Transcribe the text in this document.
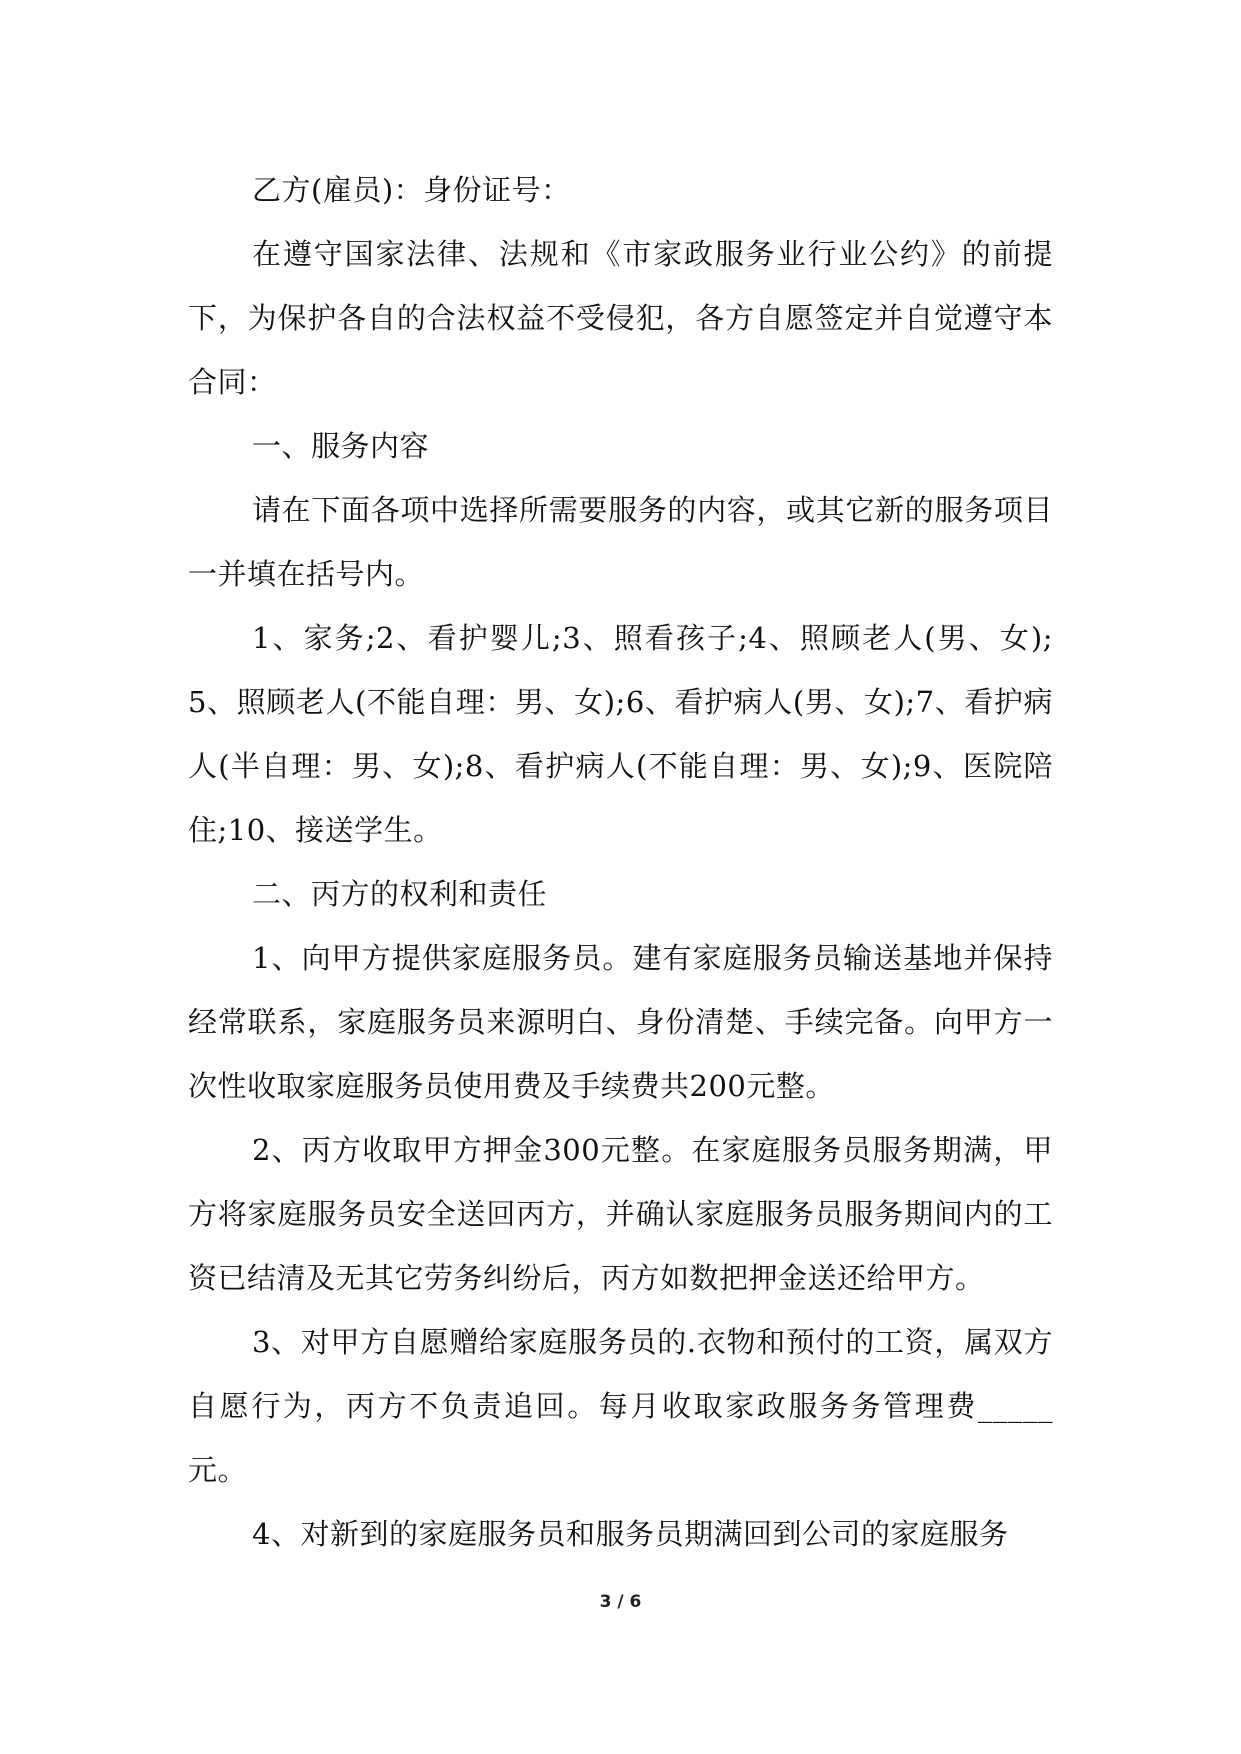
乙方(雇员)：身份证号：

在遵守国家法律、法规和《市家政服务业行业公约》的前提下，为保护各自的合法权益不受侵犯，各方自愿签定并自觉遵守本合同：

一、服务内容

请在下面各项中选择所需要服务的内容，或其它新的服务项目一并填在括号内。

1、家务;2、看护婴儿;3、照看孩子;4、照顾老人(男、女);5、照顾老人(不能自理：男、女);6、看护病人(男、女);7、看护病人(半自理：男、女);8、看护病人(不能自理：男、女);9、医院陪住;10、接送学生。

二、丙方的权利和责任

1、向甲方提供家庭服务员。建有家庭服务员输送基地并保持经常联系，家庭服务员来源明白、身份清楚、手续完备。向甲方一次性收取家庭服务员使用费及手续费共200元整。

2、丙方收取甲方押金300元整。在家庭服务员服务期满，甲方将家庭服务员安全送回丙方，并确认家庭服务员服务期间内的工资已结清及无其它劳务纠纷后，丙方如数把押金送还给甲方。

3、对甲方自愿赠给家庭服务员的.衣物和预付的工资，属双方自愿行为，丙方不负责追回。每月收取家政服务务管理费_____元。

4、对新到的家庭服务员和服务员期满回到公司的家庭服务

3 / 6
